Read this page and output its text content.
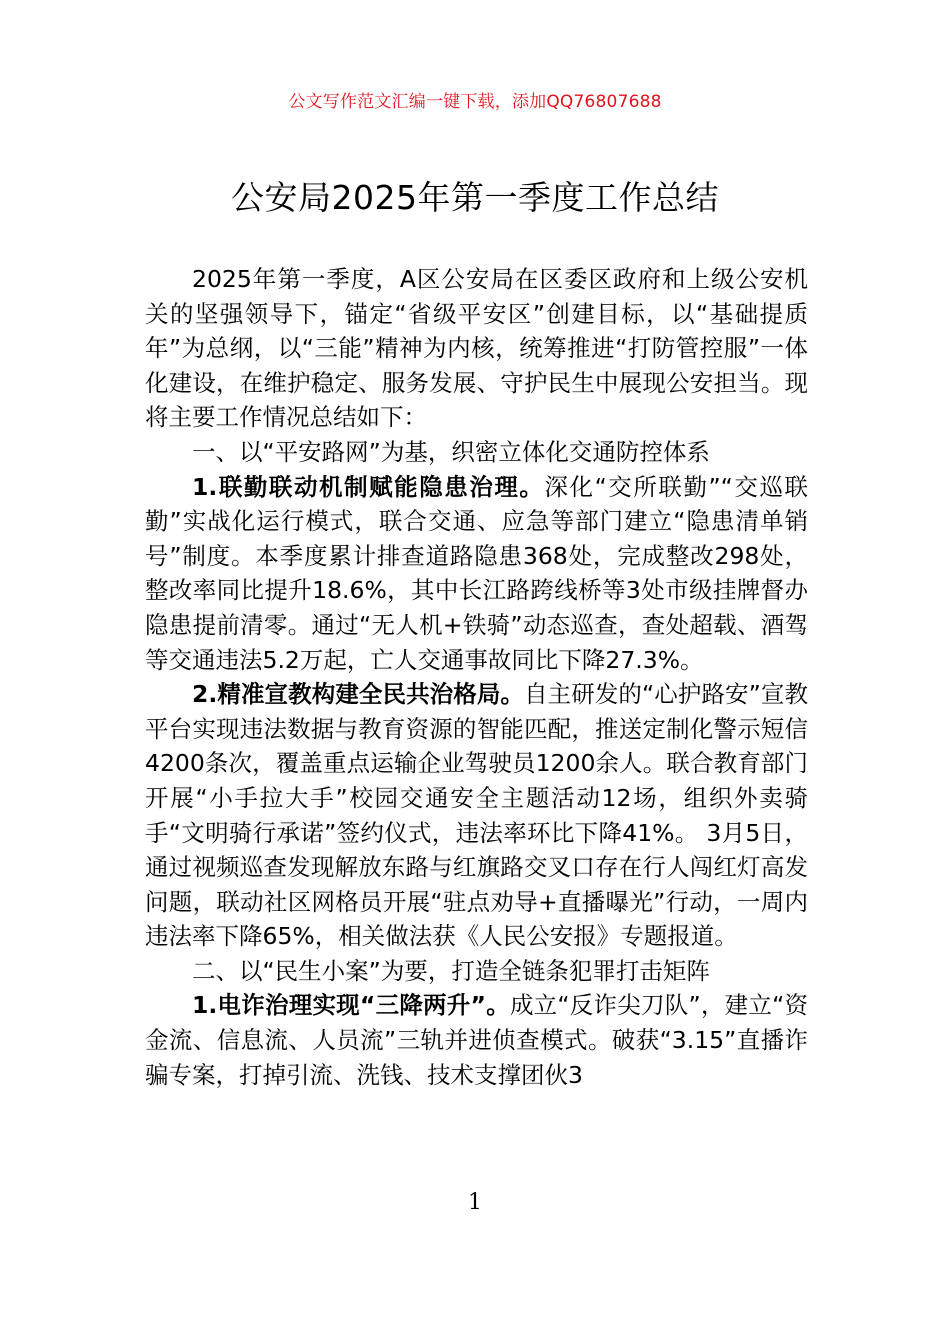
公文写作范文汇编一键下载，添加QQ76807688
公安局2025年第一季度工作总结

2025年第一季度，A区公安局在区委区政府和上级公安机关的坚强领导下，锚定“省级平安区”创建目标，以“基础提质年”为总纲，以“三能”精神为内核，统筹推进“打防管控服”一体化建设，在维护稳定、服务发展、守护民生中展现公安担当。现将主要工作情况总结如下：

一、以“平安路网”为基，织密立体化交通防控体系

1.联勤联动机制赋能隐患治理。深化“交所联勤”“交巡联勤”实战化运行模式，联合交通、应急等部门建立“隐患清单销号”制度。本季度累计排查道路隐患368处，完成整改298处，整改率同比提升18.6%，其中长江路跨线桥等3处市级挂牌督办隐患提前清零。通过“无人机+铁骑”动态巡查，查处超载、酒驾等交通违法5.2万起，亡人交通事故同比下降27.3%。

2.精准宣教构建全民共治格局。自主研发的“心护路安”宣教平台实现违法数据与教育资源的智能匹配，推送定制化警示短信4200条次，覆盖重点运输企业驾驶员1200余人。联合教育部门开展“小手拉大手”校园交通安全主题活动12场，组织外卖骑手“文明骑行承诺”签约仪式，违法率环比下降41%。 3月5日，通过视频巡查发现解放东路与红旗路交叉口存在行人闯红灯高发问题，联动社区网格员开展“驻点劝导+直播曝光”行动，一周内违法率下降65%，相关做法获《人民公安报》专题报道。

二、以“民生小案”为要，打造全链条犯罪打击矩阵

1.电诈治理实现“三降两升”。成立“反诈尖刀队”，建立“资金流、信息流、人员流”三轨并进侦查模式。破获“3.15”直播诈骗专案，打掉引流、洗钱、技术支撑团伙3

1
